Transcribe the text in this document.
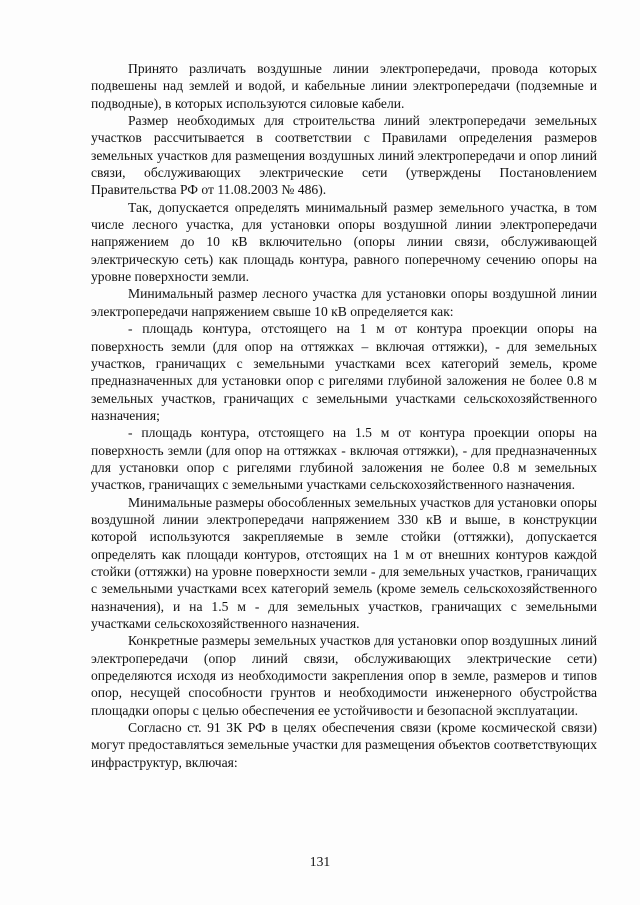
Принято различать воздушные линии электропередачи, провода которых подвешены над землей и водой, и кабельные линии электропередачи (подземные и подводные), в которых используются силовые кабели.

Размер необходимых для строительства линий электропередачи земельных участков рассчитывается в соответствии с Правилами определения размеров земельных участков для размещения воздушных линий электропередачи и опор линий связи, обслуживающих электрические сети (утверждены Постановлением Правительства РФ от 11.08.2003 № 486).

Так, допускается определять минимальный размер земельного участка, в том числе лесного участка, для установки опоры воздушной линии электропередачи напряжением до 10 кВ включительно (опоры линии связи, обслуживающей электрическую сеть) как площадь контура, равного поперечному сечению опоры на уровне поверхности земли.

Минимальный размер лесного участка для установки опоры воздушной линии электропередачи напряжением свыше 10 кВ определяется как:

- площадь контура, отстоящего на 1 м от контура проекции опоры на поверхность земли (для опор на оттяжках – включая оттяжки), - для земельных участков, граничащих с земельными участками всех категорий земель, кроме предназначенных для установки опор с ригелями глубиной заложения не более 0.8 м земельных участков, граничащих с земельными участками сельскохозяйственного назначения;

- площадь контура, отстоящего на 1.5 м от контура проекции опоры на поверхность земли (для опор на оттяжках - включая оттяжки), - для предназначенных для установки опор с ригелями глубиной заложения не более 0.8 м земельных участков, граничащих с земельными участками сельскохозяйственного назначения.

Минимальные размеры обособленных земельных участков для установки опоры воздушной линии электропередачи напряжением 330 кВ и выше, в конструкции которой используются закрепляемые в земле стойки (оттяжки), допускается определять как площади контуров, отстоящих на 1 м от внешних контуров каждой стойки (оттяжки) на уровне поверхности земли - для земельных участков, граничащих с земельными участками всех категорий земель (кроме земель сельскохозяйственного назначения), и на 1.5 м - для земельных участков, граничащих с земельными участками сельскохозяйственного назначения.

Конкретные размеры земельных участков для установки опор воздушных линий электропередачи (опор линий связи, обслуживающих электрические сети) определяются исходя из необходимости закрепления опор в земле, размеров и типов опор, несущей способности грунтов и необходимости инженерного обустройства площадки опоры с целью обеспечения ее устойчивости и безопасной эксплуатации.

Согласно ст. 91 ЗК РФ в целях обеспечения связи (кроме космической связи) могут предоставляться земельные участки для размещения объектов соответствующих инфраструктур, включая:

131
